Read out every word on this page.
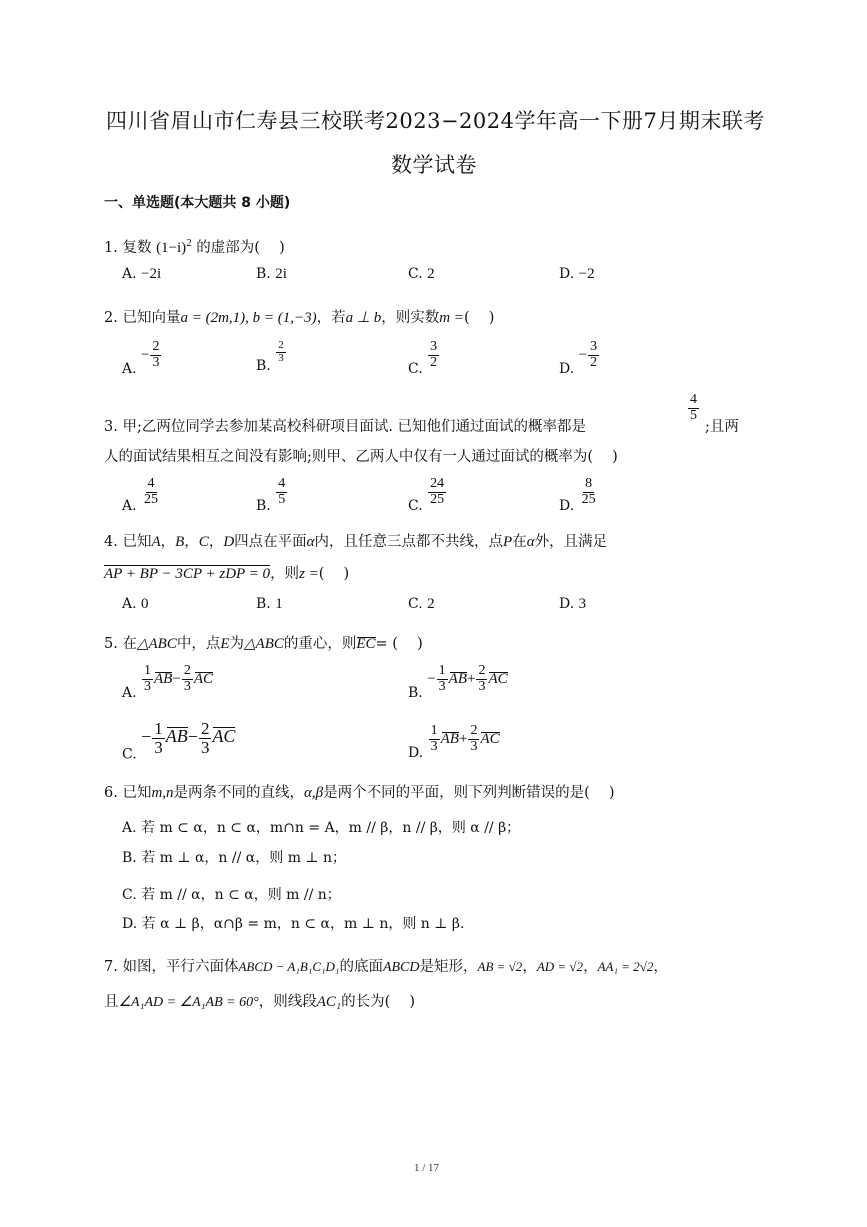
四川省眉山市仁寿县三校联考2023−2024学年高一下册7月期末联考
数学试卷
一、单选题(本大题共 8 小题)
1. 复数 $(1-i)^2$ 的虚部为(　 )
A. −2i	B. 2i	C. 2	D. −2
2. 已知向量a = (2m,1), b = (1,−3)，若a ⊥ b，则实数m =(　 )
A. − $\frac{2}{3}$	B.
$\frac{2}{3}$
C. $\frac{3}{2}$	D. − $\frac{3}{2}$
3. 甲;乙两位同学去参加某高校科研项目面试. 已知他们通过面试的概率都是
$\frac{4}{5}$
;且两
人的面试结果相互之间没有影响;则甲、乙两人中仅有一人通过面试的概率为(　 )
A. $\frac{4}{25}$	B. $\frac{4}{5}$	C. $\frac{24}{25}$	D. $\frac{8}{25}$
4. 已知A，B，C，D四点在平面α内，且任意三点都不共线，点P在α外，且满足
AP + BP − 3CP + zDP = 0，则z =(　 )
A. 0	B. 1	C. 2	D. 3
5. 在△ABC中，点E为△ABC的重心，则EC= (　 )
A. $\frac{1}{3} AB- \frac{2}{3}$ AC
B. − $\frac{1}{3} AB+ \frac{2}{3}$ AC
C. − $\frac{1}{3} AB- \frac{2}{3}$ AC
D. $\frac{1}{3} AB+ \frac{2}{3}$ AC
6. 已知m,n是两条不同的直线，α,β是两个不同的平面，则下列判断错误的是(　 )
A. 若 m ⊂ α，n ⊂ α，m∩n = A，m // β，n // β，则 α // β；
B. 若 m ⊥ α，n // α，则 m ⊥ n；
C. 若 m // α，n ⊂ α，则 m // n；
D. 若 α ⊥ β，α∩β = m，n ⊂ α，m ⊥ n，则 n ⊥ β.
7. 如图，平行六面体ABCD − A₁B₁C₁D₁的底面ABCD是矩形，AB = √2，AD = √2，AA₁ = 2√2，
且∠A₁AD = ∠A₁AB = 60°，则线段AC₁的长为(　 )
1 / 17
